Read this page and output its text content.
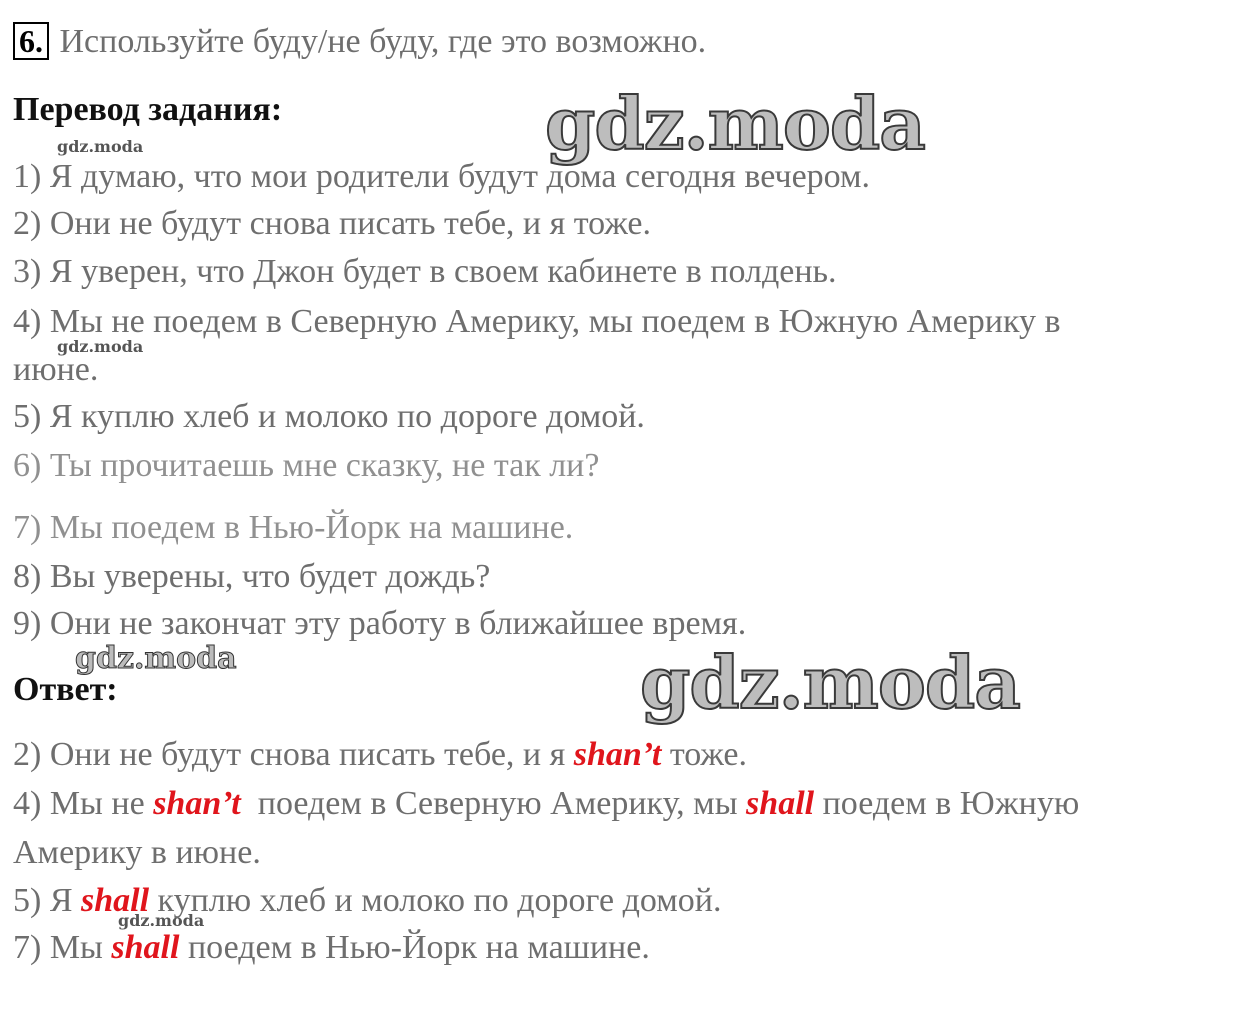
6. Используйте буду/не буду, где это возможно.
Перевод задания:	gdz.moda
gdz.moda
gdz.moda
gdz.moda	gdz.moda
gdz.moda
1) Я думаю, что мои родители будут дома сегодня вечером.
2) Они не будут снова писать тебе, и я тоже.
3) Я уверен, что Джон будет в своем кабинете в полдень.
4) Мы не поедем в Северную Америку, мы поедем в Южную Америку в
июне.
5) Я куплю хлеб и молоко по дороге домой.
6) Ты прочитаешь мне сказку, не так ли?
7) Мы поедем в Нью-Йорк на машине.
8) Вы уверены, что будет дождь?
9) Они не закончат эту работу в ближайшее время.
Ответ:
2) Они не будут снова писать тебе, и я shan’t тоже.
4) Мы не shan’t  поедем в Северную Америку, мы shall поедем в Южную
Америку в июне.
5) Я shall куплю хлеб и молоко по дороге домой.
7) Мы shall поедем в Нью-Йорк на машине.
